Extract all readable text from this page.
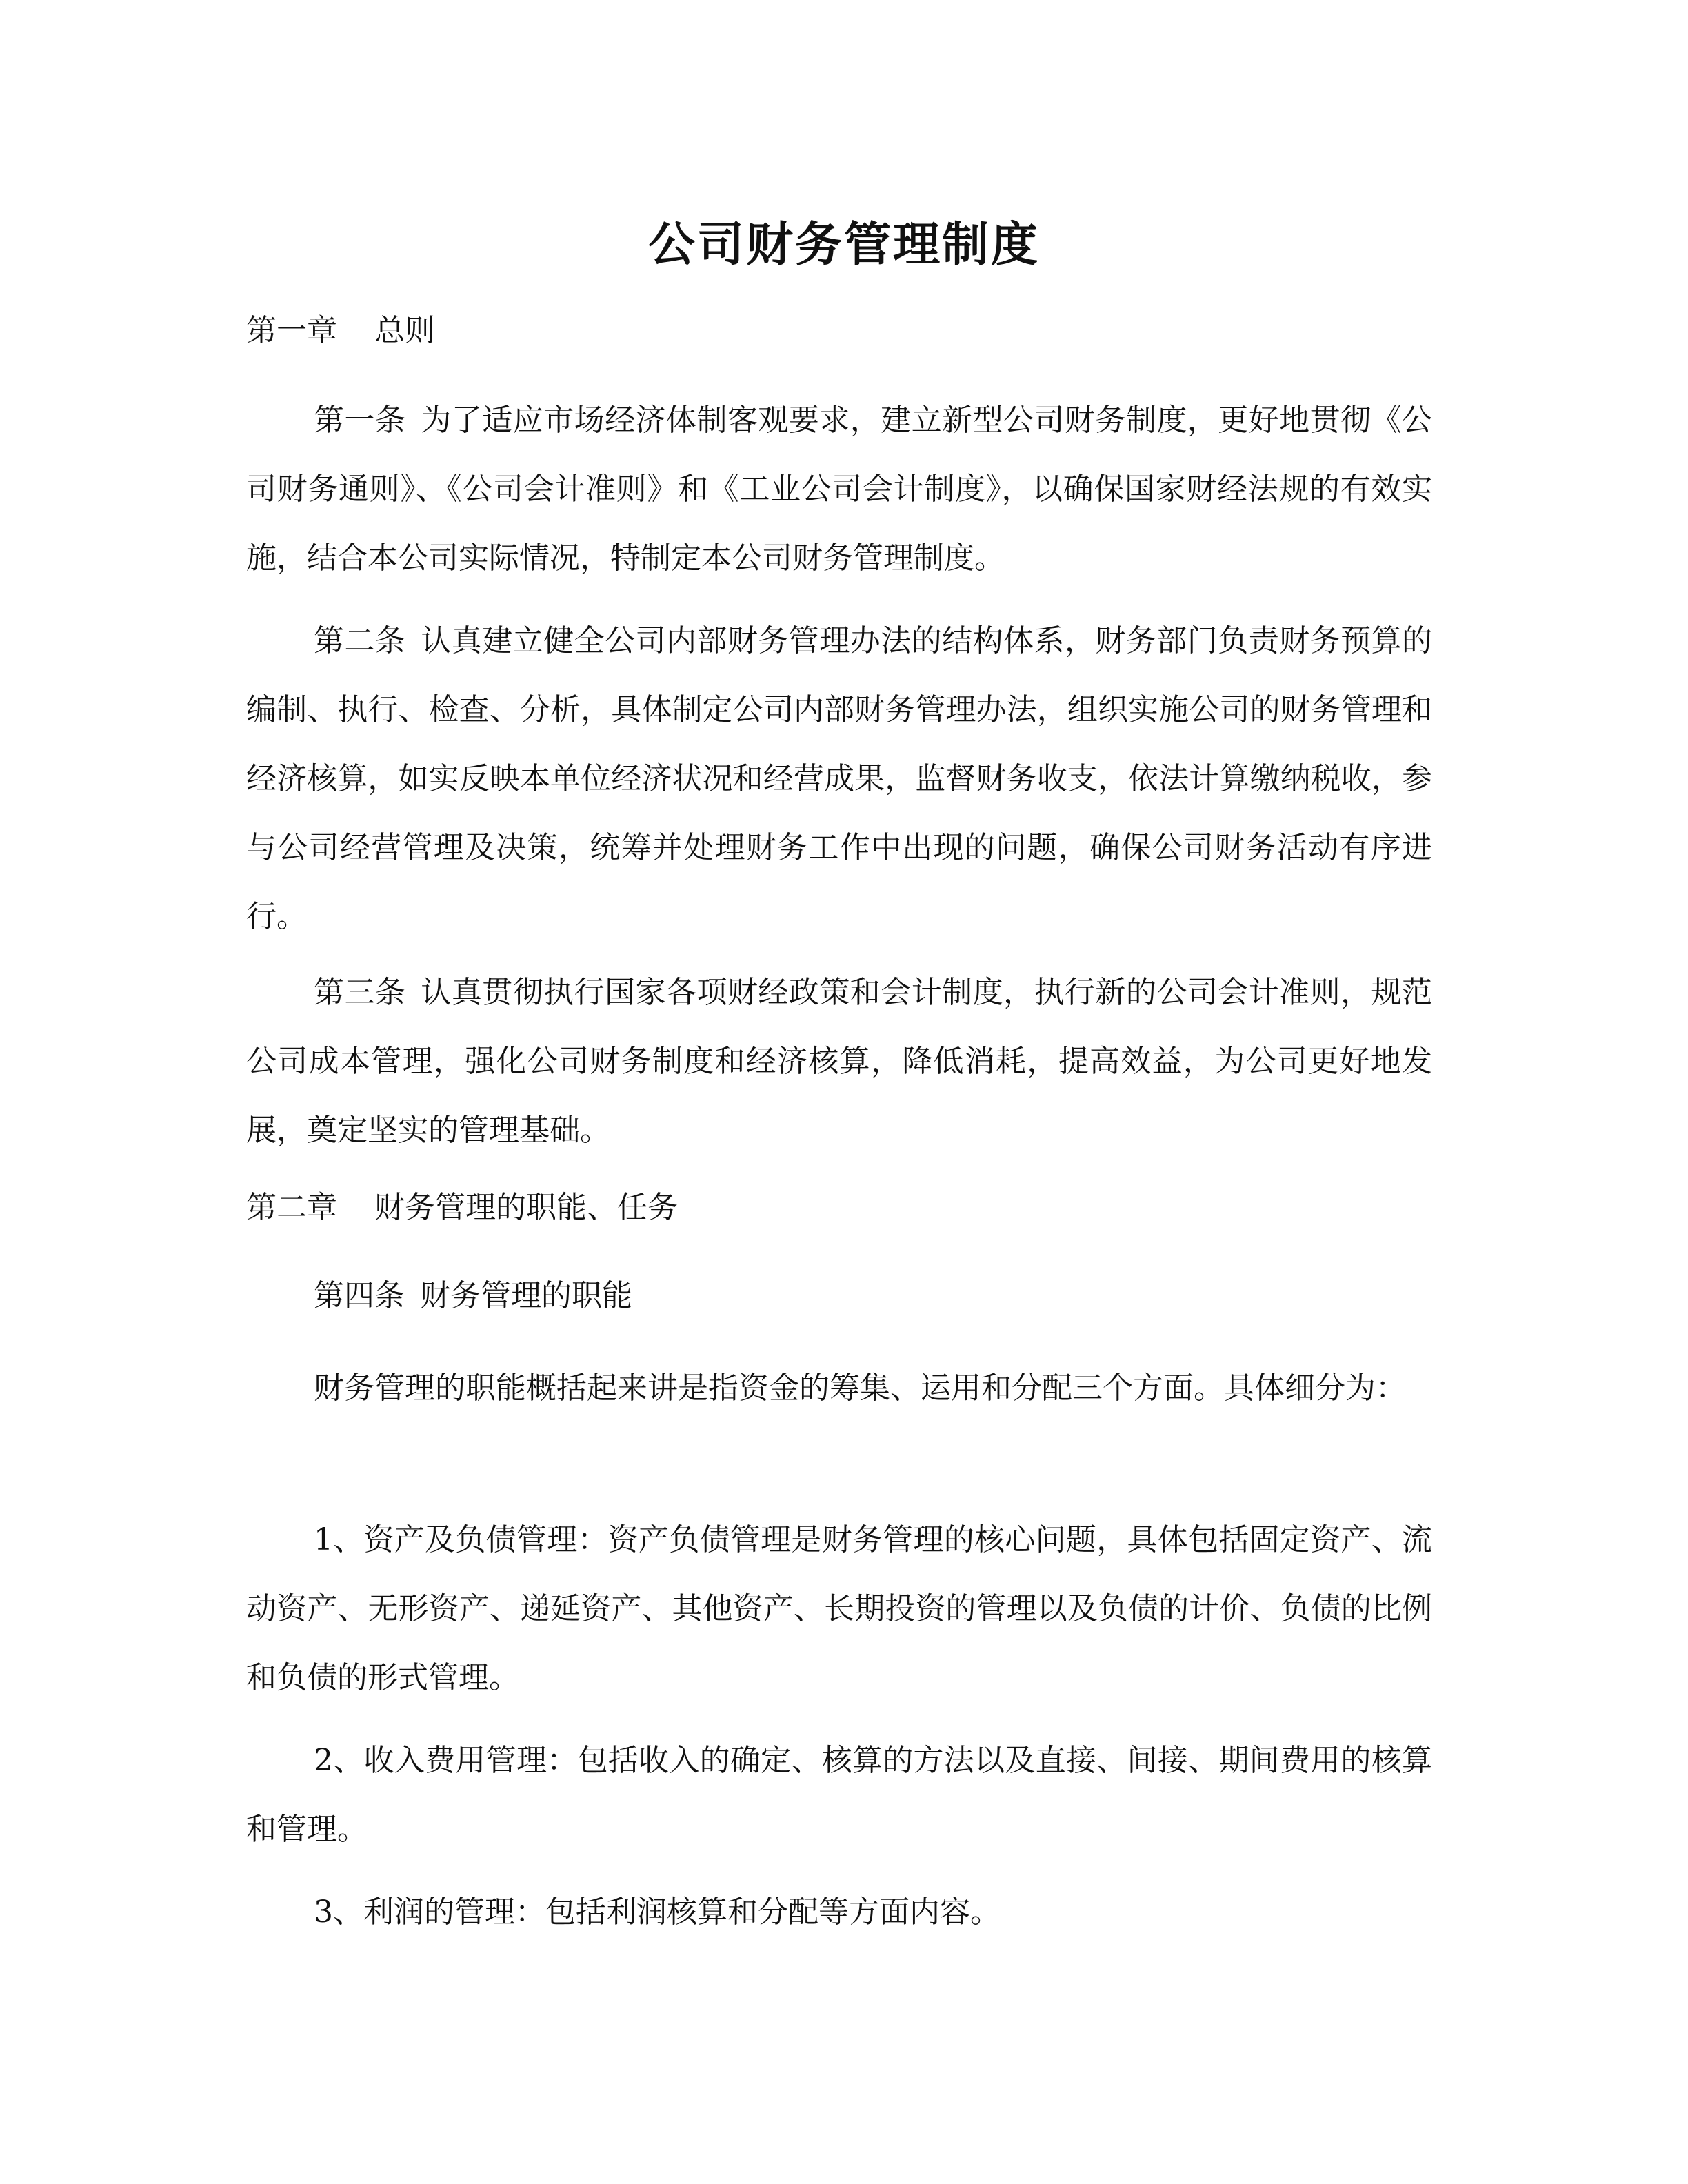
公司财务管理制度
第一章 总则

第一条 为了适应市场经济体制客观要求，建立新型公司财务制度，更好地贯彻《公司财务通则》、《公司会计准则》和《工业公司会计制度》，以确保国家财经法规的有效实施，结合本公司实际情况，特制定本公司财务管理制度。

第二条 认真建立健全公司内部财务管理办法的结构体系，财务部门负责财务预算的编制、执行、检查、分析，具体制定公司内部财务管理办法，组织实施公司的财务管理和经济核算，如实反映本单位经济状况和经营成果，监督财务收支，依法计算缴纳税收，参与公司经营管理及决策，统筹并处理财务工作中出现的问题，确保公司财务活动有序进行。

第三条 认真贯彻执行国家各项财经政策和会计制度，执行新的公司会计准则，规范公司成本管理，强化公司财务制度和经济核算，降低消耗，提高效益，为公司更好地发展，奠定坚实的管理基础。

第二章 财务管理的职能、任务

第四条 财务管理的职能

财务管理的职能概括起来讲是指资金的筹集、运用和分配三个方面。具体细分为：

1、资产及负债管理：资产负债管理是财务管理的核心问题，具体包括固定资产、流动资产、无形资产、递延资产、其他资产、长期投资的管理以及负债的计价、负债的比例和负债的形式管理。

2、收入费用管理：包括收入的确定、核算的方法以及直接、间接、期间费用的核算和管理。

3、利润的管理：包括利润核算和分配等方面内容。
